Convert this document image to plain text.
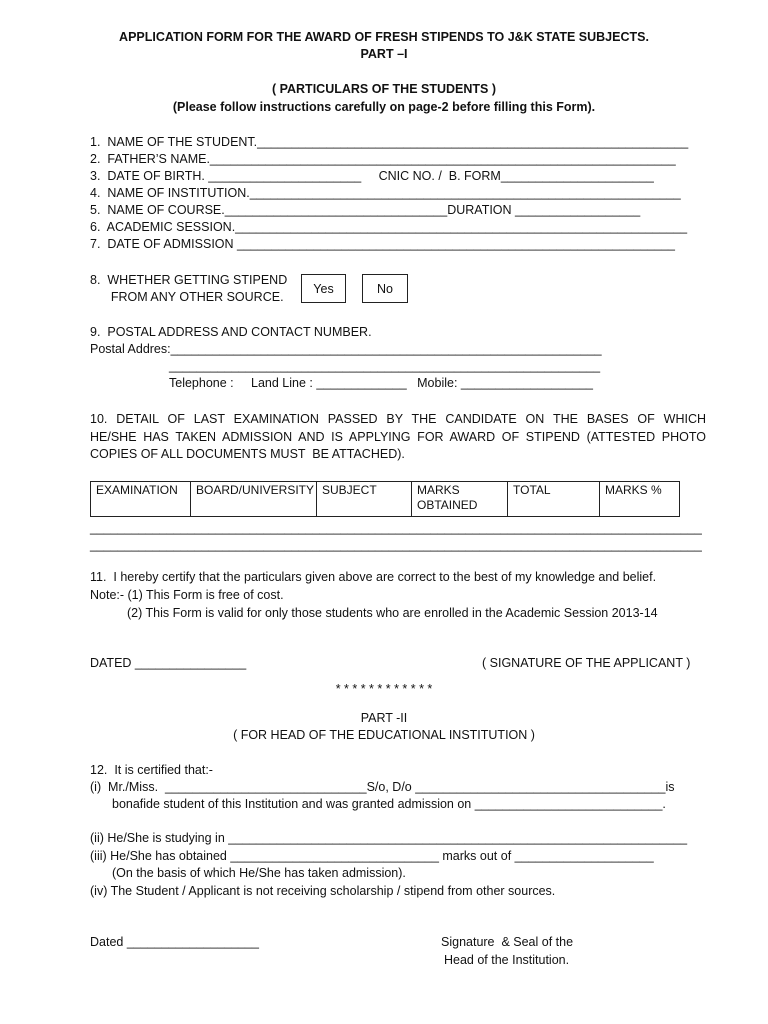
APPLICATION FORM FOR THE AWARD OF FRESH STIPENDS TO J&K STATE SUBJECTS.
PART –I
( PARTICULARS OF THE STUDENTS )
(Please follow instructions carefully on page-2 before filling this Form).
1.  NAME OF THE STUDENT.______________________________________________________________
2.  FATHER’S NAME.___________________________________________________________________
3.  DATE OF BIRTH. ______________________     CNIC NO. /  B. FORM______________________
4.  NAME OF INSTITUTION.______________________________________________________________
5.  NAME OF COURSE.________________________________DURATION __________________
6.  ACADEMIC SESSION._________________________________________________________________
7.  DATE OF ADMISSION _______________________________________________________________
8.  WHETHER GETTING STIPEND
FROM ANY OTHER SOURCE.
Yes	No
9.  POSTAL ADDRESS AND CONTACT NUMBER.
Postal Addres:______________________________________________________________
______________________________________________________________
Telephone :     Land Line : _____________   Mobile: ___________________
10. DETAIL OF LAST EXAMINATION PASSED BY THE CANDIDATE ON THE BASES OF WHICH
HE/SHE HAS TAKEN ADMISSION AND IS APPLYING FOR AWARD OF STIPEND (ATTESTED PHOTO
COPIES OF ALL DOCUMENTS MUST  BE ATTACHED).
EXAMINATION	BOARD/UNIVERSITY	SUBJECT	MARKS
OBTAINED	TOTAL	MARKS %
________________________________________________________________________________________
________________________________________________________________________________________
11.  I hereby certify that the particulars given above are correct to the best of my knowledge and belief.
Note:- (1) This Form is free of cost.
(2) This Form is valid for only those students who are enrolled in the Academic Session 2013-14
DATED ________________	( SIGNATURE OF THE APPLICANT )
* * * * * * * * * * * *
PART -II
( FOR HEAD OF THE EDUCATIONAL INSTITUTION )
12.  It is certified that:-
(i)  Mr./Miss.  _____________________________S/o, D/o ____________________________________is
bonafide student of this Institution and was granted admission on ___________________________.
(ii) He/She is studying in __________________________________________________________________
(iii) He/She has obtained ______________________________ marks out of ____________________
(On the basis of which He/She has taken admission).
(iv) The Student / Applicant is not receiving scholarship / stipend from other sources.
Dated ___________________	Signature  & Seal of the
Head of the Institution.
